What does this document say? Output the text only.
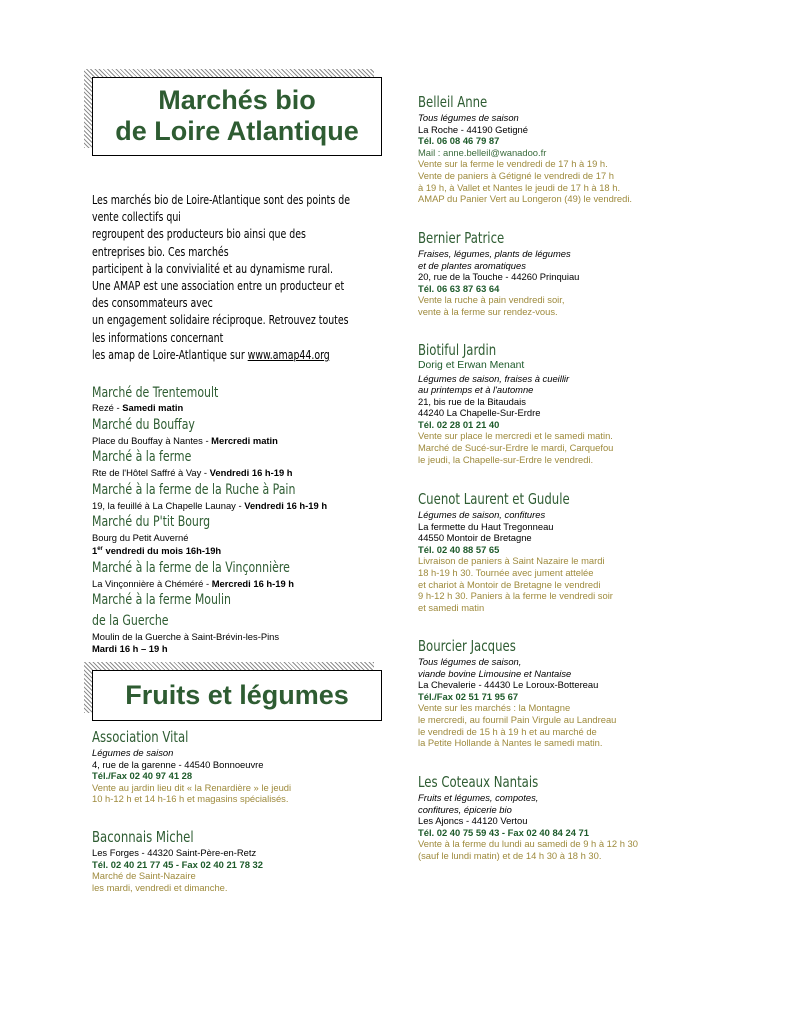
Marchés bio
de Loire Atlantique
Les marchés bio de Loire-Atlantique sont des points de
vente collectifs qui
regroupent des producteurs bio ainsi que des
entreprises bio. Ces marchés
participent à la convivialité et au dynamisme rural.
Une AMAP est une association entre un producteur et
des consommateurs avec
un engagement solidaire réciproque. Retrouvez toutes
les informations concernant
les amap de Loire-Atlantique sur www.amap44.org
Marché de Trentemoult
Rezé - Samedi matin
Marché du Bouffay
Place du Bouffay à Nantes - Mercredi matin
Marché à la ferme
Rte de l'Hôtel Saffré à Vay - Vendredi 16 h-19 h
Marché à la ferme de la Ruche à Pain
19, la feuillé à La Chapelle Launay - Vendredi 16 h-19 h
Marché du P'tit Bourg
Bourg du Petit Auverné
1er vendredi du mois 16h-19h
Marché à la ferme de la Vinçonnière
La Vinçonnière à Chéméré - Mercredi 16 h-19 h
Marché à la ferme Moulin
de la Guerche
Moulin de la Guerche à Saint-Brévin-les-Pins
Mardi 16 h – 19 h
Fruits et légumes
Association Vital
Légumes de saison
4, rue de la garenne - 44540 Bonnoeuvre
Tél./Fax 02 40 97 41 28
Vente au jardin lieu dit « la Renardière » le jeudi
10 h-12 h et 14 h-16 h et magasins spécialisés.
Baconnais Michel
Les Forges - 44320 Saint-Père-en-Retz
Tél. 02 40 21 77 45 - Fax 02 40 21 78 32
Marché de Saint-Nazaire
les mardi, vendredi et dimanche.
Belleil Anne
Tous légumes de saison
La Roche - 44190 Getigné
Tél. 06 08 46 79 87
Mail : anne.belleil@wanadoo.fr
Vente sur la ferme le vendredi de 17 h à 19 h.
Vente de paniers à Gétigné le vendredi de 17 h
à 19 h, à Vallet et Nantes le jeudi de 17 h à 18 h.
AMAP du Panier Vert au Longeron (49) le vendredi.
Bernier Patrice
Fraises, légumes, plants de légumes
et de plantes aromatiques
20, rue de la Touche - 44260 Prinquiau
Tél. 06 63 87 63 64
Vente la ruche à pain vendredi soir,
vente à la ferme sur rendez-vous.
Biotiful Jardin
Dorig et Erwan Menant
Légumes de saison, fraises à cueillir
au printemps et à l'automne
21, bis rue de la Bitaudais
44240 La Chapelle-Sur-Erdre
Tél. 02 28 01 21 40
Vente sur place le mercredi et le samedi matin.
Marché de Sucé-sur-Erdre le mardi, Carquefou
le jeudi, la Chapelle-sur-Erdre le vendredi.
Cuenot Laurent et Gudule
Légumes de saison, confitures
La fermette du Haut Tregonneau
44550 Montoir de Bretagne
Tél. 02 40 88 57 65
Livraison de paniers à Saint Nazaire le mardi
18 h-19 h 30. Tournée avec jument attelée
et chariot à Montoir de Bretagne le vendredi
9 h-12 h 30. Paniers à la ferme le vendredi soir
et samedi matin
Bourcier Jacques
Tous légumes de saison,
viande bovine Limousine et Nantaise
La Chevalerie - 44430 Le Loroux-Bottereau
Tél./Fax 02 51 71 95 67
Vente sur les marchés : la Montagne
le mercredi, au fournil Pain Virgule au Landreau
le vendredi de 15 h à 19 h et au marché de
la Petite Hollande à Nantes le samedi matin.
Les Coteaux Nantais
Fruits et légumes, compotes,
confitures, épicerie bio
Les Ajoncs - 44120 Vertou
Tél. 02 40 75 59 43 - Fax 02 40 84 24 71
Vente à la ferme du lundi au samedi de 9 h à 12 h 30
(sauf le lundi matin) et de 14 h 30 à 18 h 30.
